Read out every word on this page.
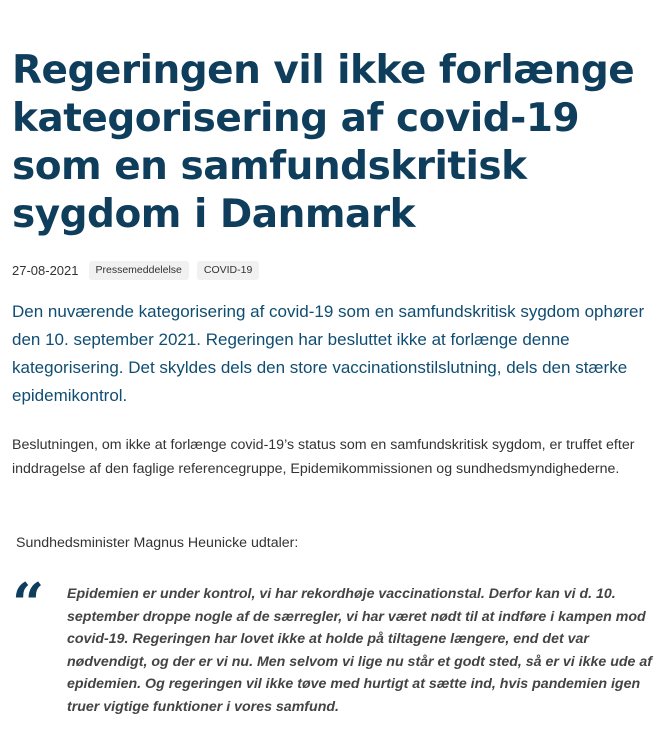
Regeringen vil ikke forlænge kategorisering af covid-19 som en samfundskritisk sygdom i Danmark
27-08-2021	Pressemeddelelse	COVID-19

Den nuværende kategorisering af covid-19 som en samfundskritisk sygdom ophører den 10. september 2021. Regeringen har besluttet ikke at forlænge denne kategorisering. Det skyldes dels den store vaccinationstilslutning, dels den stærke epidemikontrol.

Beslutningen, om ikke at forlænge covid-19’s status som en samfundskritisk sygdom, er truffet efter inddragelse af den faglige referencegruppe, Epidemikommissionen og sundhedsmyndighederne.

Sundhedsminister Magnus Heunicke udtaler:

“ Epidemien er under kontrol, vi har rekordhøje vaccinationstal. Derfor kan vi d. 10. september droppe nogle af de særregler, vi har været nødt til at indføre i kampen mod covid-19. Regeringen har lovet ikke at holde på tiltagene længere, end det var nødvendigt, og der er vi nu. Men selvom vi lige nu står et godt sted, så er vi ikke ude af epidemien. Og regeringen vil ikke tøve med hurtigt at sætte ind, hvis pandemien igen truer vigtige funktioner i vores samfund.
